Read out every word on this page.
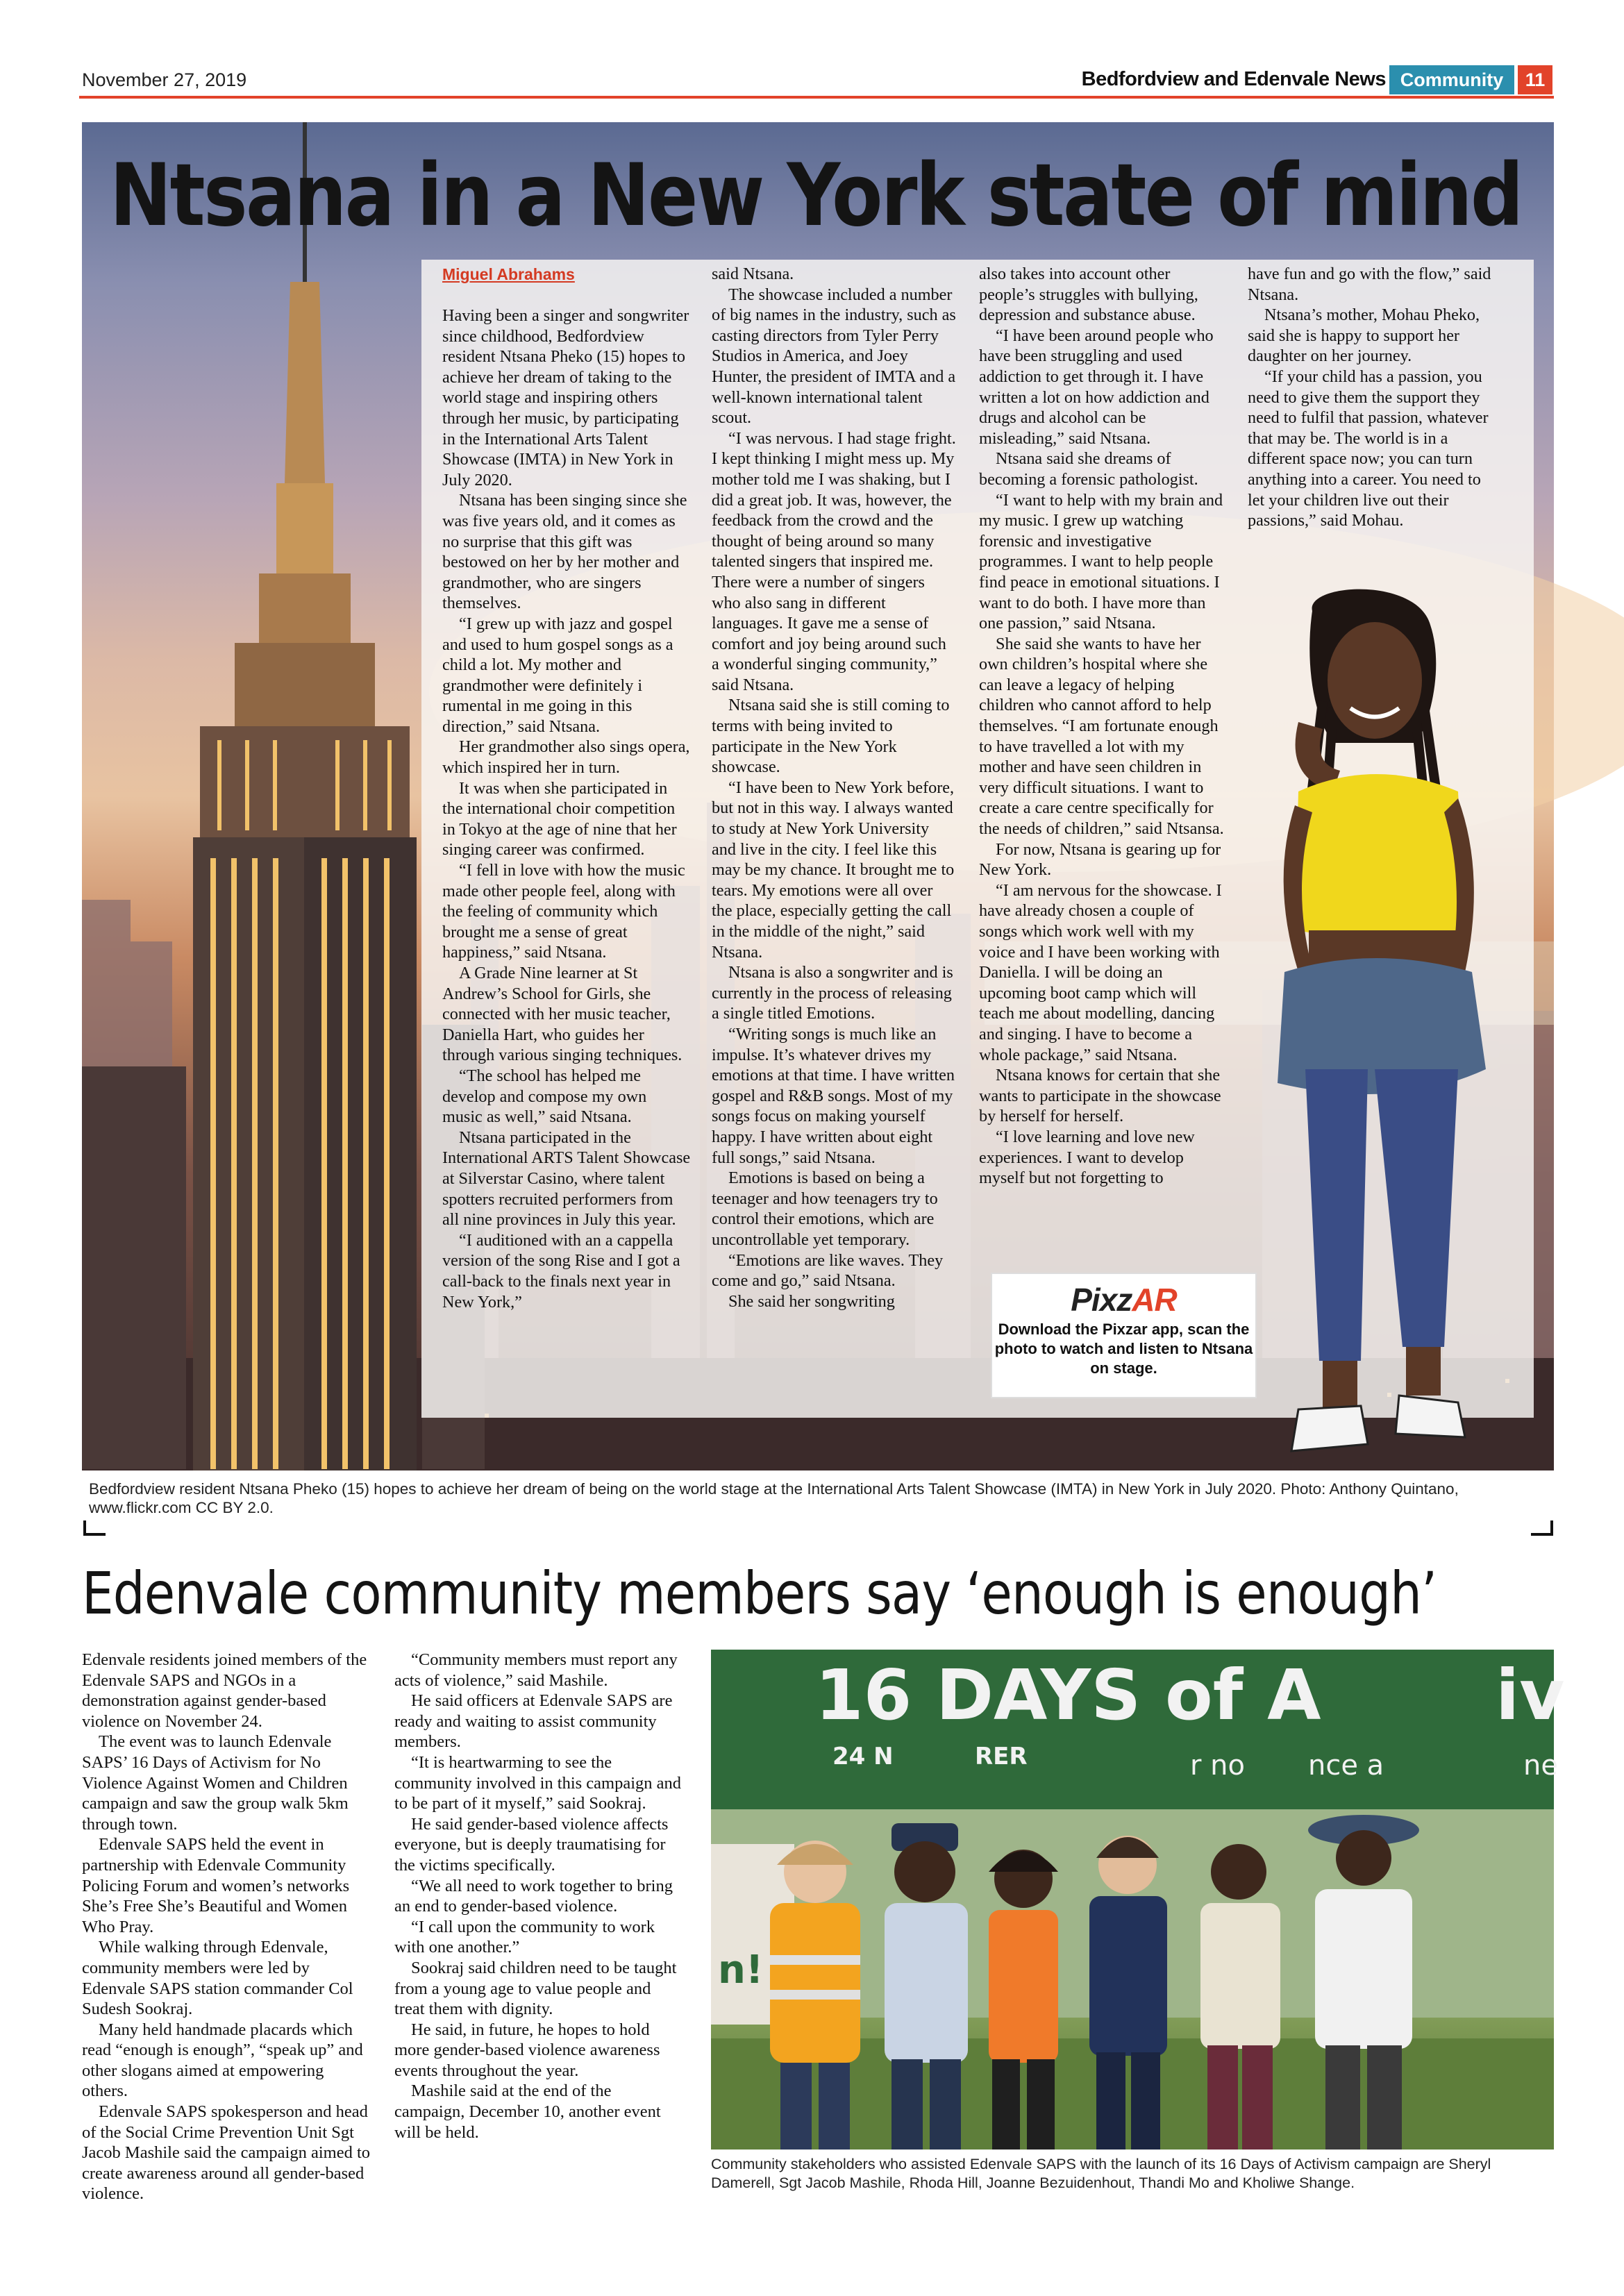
November 27, 2019	Bedfordview and Edenvale News Community	11
Ntsana in a New York state of mind
Miguel Abrahams

Having been a singer and songwriter since childhood, Bedfordview resident Ntsana Pheko (15) hopes to achieve her dream of taking to the world stage and inspiring others through her music, by participating in the International Arts Talent Showcase (IMTA) in New York in July 2020.

Ntsana has been singing since she was five years old, and it comes as no surprise that this gift was bestowed on her by her mother and grandmother, who are singers themselves.

“I grew up with jazz and gospel and used to hum gospel songs as a child a lot. My mother and grandmother were definitely i rumental in me going in this direction,” said Ntsana.

Her grandmother also sings opera, which inspired her in turn.

It was when she participated in the international choir competition in Tokyo at the age of nine that her singing career was confirmed.

“I fell in love with how the music made other people feel, along with the feeling of community which brought me a sense of great happiness,” said Ntsana.

A Grade Nine learner at St Andrew’s School for Girls, she connected with her music teacher, Daniella Hart, who guides her through various singing techniques.

“The school has helped me develop and compose my own music as well,” said Ntsana.

Ntsana participated in the International ARTS Talent Showcase at Silverstar Casino, where talent spotters recruited performers from all nine provinces in July this year.

“I auditioned with an a cappella version of the song Rise and I got a call-back to the finals next year in New York,”

said Ntsana.

The showcase included a number of big names in the industry, such as casting directors from Tyler Perry Studios in America, and Joey Hunter, the president of IMTA and a well-known international talent scout.

“I was nervous. I had stage fright. I kept thinking I might mess up. My mother told me I was shaking, but I did a great job. It was, however, the feedback from the crowd and the thought of being around so many talented singers that inspired me. There were a number of singers who also sang in different languages. It gave me a sense of comfort and joy being around such a wonderful singing community,” said Ntsana.

Ntsana said she is still coming to terms with being invited to participate in the New York showcase.

“I have been to New York before, but not in this way. I always wanted to study at New York University and live in the city. I feel like this may be my chance. It brought me to tears. My emotions were all over the place, especially getting the call in the middle of the night,” said Ntsana.

Ntsana is also a songwriter and is currently in the process of releasing a single titled Emotions.

“Writing songs is much like an impulse. It’s whatever drives my emotions at that time. I have written gospel and R&B songs. Most of my songs focus on making yourself happy. I have written about eight full songs,” said Ntsana.

Emotions is based on being a teenager and how teenagers try to control their emotions, which are uncontrollable yet temporary.

“Emotions are like waves. They come and go,” said Ntsana.

She said her songwriting

also takes into account other people’s struggles with bullying, depression and substance abuse.

“I have been around people who have been struggling and used addiction to get through it. I have written a lot on how addiction and drugs and alcohol can be misleading,” said Ntsana.

Ntsana said she dreams of becoming a forensic pathologist.

“I want to help with my brain and my music. I grew up watching forensic and investigative programmes. I want to help people find peace in emotional situations. I want to do both. I have more than one passion,” said Ntsana.

She said she wants to have her own children’s hospital where she can leave a legacy of helping children who cannot afford to help themselves. “I am fortunate enough to have travelled a lot with my mother and have seen children in very difficult situations. I want to create a care centre specifically for the needs of children,” said Ntsansa.

For now, Ntsana is gearing up for New York.

“I am nervous for the showcase. I have already chosen a couple of songs which work well with my voice and I have been working with Daniella. I will be doing an upcoming boot camp which will teach me about modelling, dancing and singing. I have to become a whole package,” said Ntsana.

Ntsana knows for certain that she wants to participate in the showcase by herself for herself.

“I love learning and love new experiences. I want to develop myself but not forgetting to

have fun and go with the flow,” said Ntsana.

Ntsana’s mother, Mohau Pheko, said she is happy to support her daughter on her journey.

“If your child has a passion, you need to give them the support they need to fulfil that passion, whatever that may be. The world is in a different space now; you can turn anything into a career. You need to let your children live out their passions,” said Mohau.

PixzAR
Download the Pixzar app, scan the photo to watch and listen to Ntsana on stage.
Bedfordview resident Ntsana Pheko (15) hopes to achieve her dream of being on the world stage at the International Arts Talent Showcase (IMTA) in New York in July 2020. Photo: Anthony Quintano, www.flickr.com CC BY 2.0.
Edenvale community members say ‘enough is enough’

Edenvale residents joined members of the Edenvale SAPS and NGOs in a demonstration against gender-based violence on November 24.

The event was to launch Edenvale SAPS’ 16 Days of Activism for No Violence Against Women and Children campaign and saw the group walk 5km through town.

Edenvale SAPS held the event in partnership with Edenvale Community Policing Forum and women’s networks She’s Free She’s Beautiful and Women Who Pray.

While walking through Edenvale, community members were led by Edenvale SAPS station commander Col Sudesh Sookraj.

Many held handmade placards which read “enough is enough”, “speak up” and other slogans aimed at empowering others.

Edenvale SAPS spokesperson and head of the Social Crime Prevention Unit Sgt Jacob Mashile said the campaign aimed to create awareness around all gender-based violence.

“Community members must report any acts of violence,” said Mashile.

He said officers at Edenvale SAPS are ready and waiting to assist community members.

“It is heartwarming to see the community involved in this campaign and to be part of it myself,” said Sookraj.

He said gender-based violence affects everyone, but is deeply traumatising for the victims specifically.

“We all need to work together to bring an end to gender-based violence.

“I call upon the community to work with one another.”

Sookraj said children need to be taught from a young age to value people and treat them with dignity.

He said, in future, he hopes to hold more gender-based violence awareness events throughout the year.

Mashile said at the end of the campaign, December 10, another event will be held.

16 DAYS of A	iv
24 N	RER	r no nce a	ne
n!
Community stakeholders who assisted Edenvale SAPS with the launch of its 16 Days of Activism campaign are Sheryl Damerell, Sgt Jacob Mashile, Rhoda Hill, Joanne Bezuidenhout, Thandi Mo and Kholiwe Shange.
